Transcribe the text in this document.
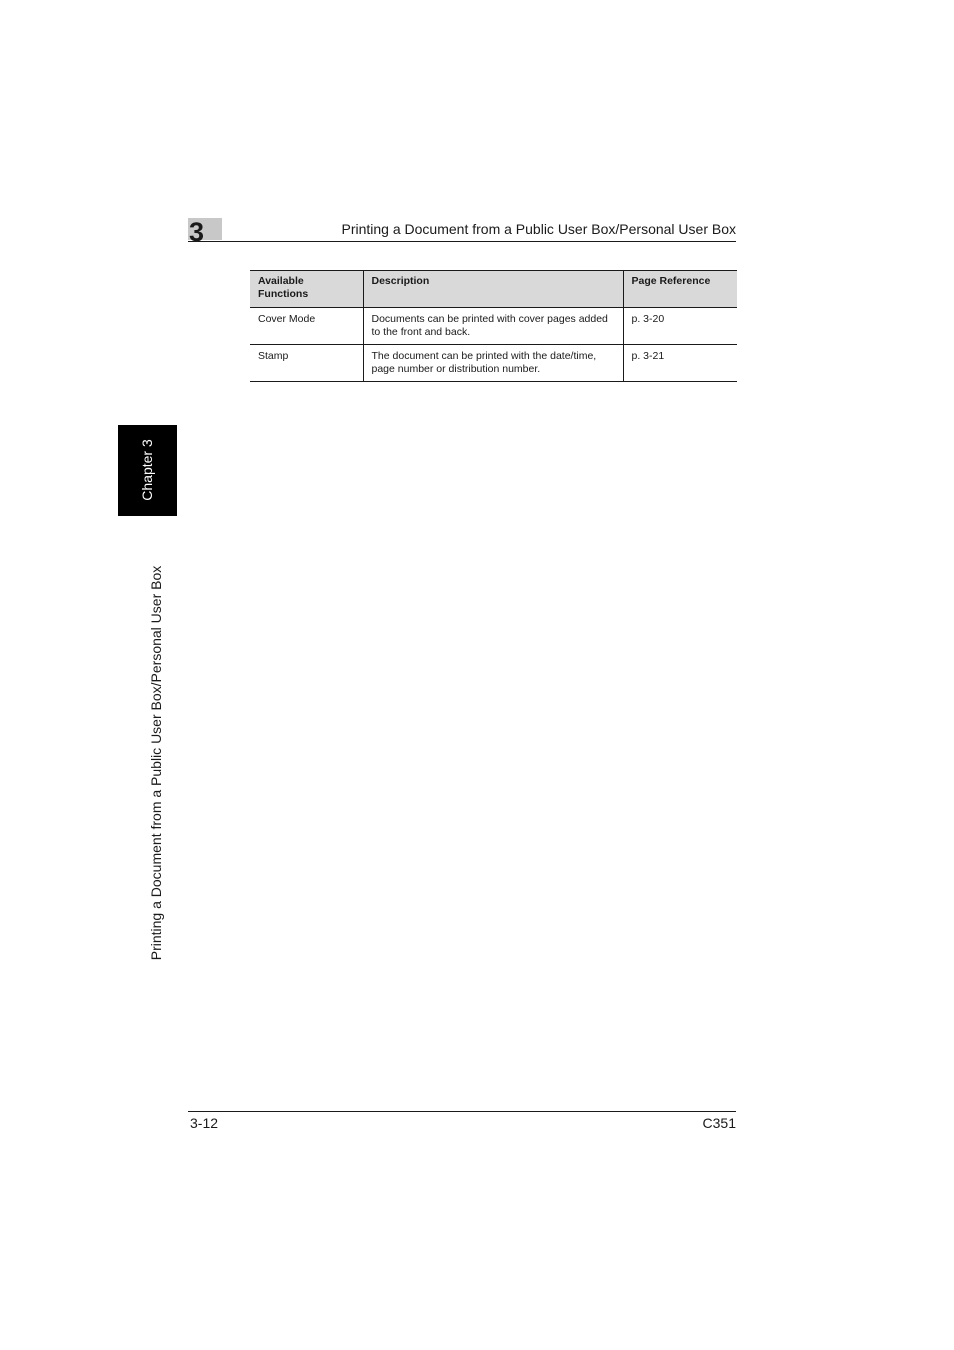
3	Printing a Document from a Public User Box/Personal User Box
Available Functions	Description	Page Reference
Cover Mode	Documents can be printed with cover pages added to the front and back.	p. 3-20
Stamp	The document can be printed with the date/time, page number or distribution number.	p. 3-21
Chapter 3
Printing a Document from a Public User Box/Personal User Box
3-12	C351
